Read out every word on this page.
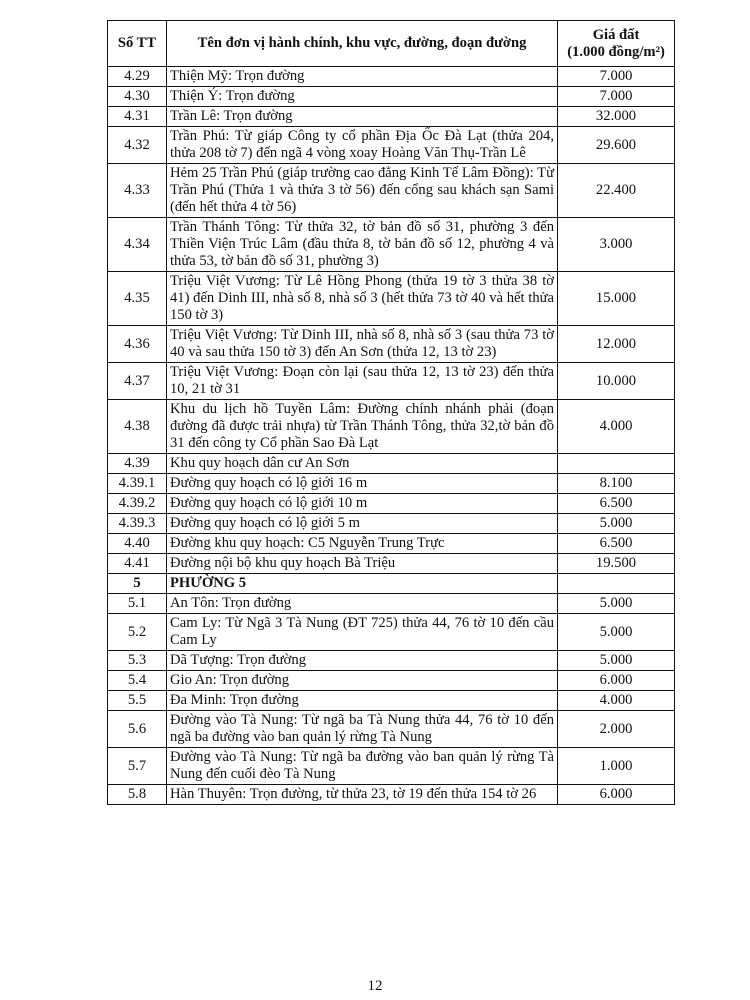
Số TT	Tên đơn vị hành chính, khu vực, đường, đoạn đường	Giá đất
(1.000 đồng/m²)
4.29	Thiện Mỹ: Trọn đường	7.000
4.30	Thiện Ý: Trọn đường	7.000
4.31	Trần Lê: Trọn đường	32.000
4.32	Trần Phú: Từ giáp Công ty cổ phần Địa Ốc Đà Lạt (thửa 204, thửa 208 tờ 7) đến ngã 4 vòng xoay Hoàng Văn Thụ-Trần Lê	29.600
4.33	Hẻm 25 Trần Phú (giáp trường cao đẳng Kinh Tế Lâm Đồng): Từ Trần Phú (Thửa 1 và thửa 3 tờ 56) đến cổng sau khách sạn Sami (đến hết thửa 4 tờ 56)	22.400
4.34	Trần Thánh Tông: Từ thửa 32, tờ bản đồ số 31, phường 3 đến Thiền Viện Trúc Lâm (đầu thửa 8, tờ bản đồ số 12, phường 4 và thửa 53, tờ bản đồ số 31, phường 3)	3.000
4.35	Triệu Việt Vương: Từ Lê Hồng Phong (thửa 19 tờ 3 thửa 38 tờ 41) đến Dinh III, nhà số 8, nhà số 3 (hết thửa 73 tờ 40 và hết thửa 150 tờ 3)	15.000
4.36	Triệu Việt Vương: Từ Dinh III, nhà số 8, nhà số 3 (sau thửa 73 tờ 40 và sau thửa 150 tờ 3) đến An Sơn (thửa 12, 13 tờ 23)	12.000
4.37	Triệu Việt Vương: Đoạn còn lại (sau thửa 12, 13 tờ 23) đến thửa 10, 21 tờ 31	10.000
4.38	Khu du lịch hồ Tuyền Lâm: Đường chính nhánh phải (đoạn đường đã được trải nhựa) từ Trần Thánh Tông, thửa 32,tờ bản đồ 31 đến công ty Cổ phần Sao Đà Lạt	4.000
4.39	Khu quy hoạch dân cư An Sơn	
4.39.1	Đường quy hoạch có lộ giới 16 m	8.100
4.39.2	Đường quy hoạch có lộ giới 10 m	6.500
4.39.3	Đường quy hoạch có lộ giới 5 m	5.000
4.40	Đường khu quy hoạch: C5 Nguyễn Trung Trực	6.500
4.41	Đường nội bộ khu quy hoạch Bà Triệu	19.500
5	PHƯỜNG 5	
5.1	An Tôn: Trọn đường	5.000
5.2	Cam Ly: Từ Ngã 3 Tà Nung (ĐT 725) thửa 44, 76 tờ 10 đến cầu Cam Ly	5.000
5.3	Dã Tượng: Trọn đường	5.000
5.4	Gio An: Trọn đường	6.000
5.5	Đa Minh: Trọn đường	4.000
5.6	Đường vào Tà Nung: Từ ngã ba Tà Nung thửa 44, 76 tờ 10 đến ngã ba đường vào ban quản lý rừng Tà Nung	2.000
5.7	Đường vào Tà Nung: Từ ngã ba đường vào ban quản lý rừng Tà Nung đến cuối đèo Tà Nung	1.000
5.8	Hàn Thuyên: Trọn đường, từ thửa 23, tờ 19 đến thửa 154 tờ 26	6.000
12
